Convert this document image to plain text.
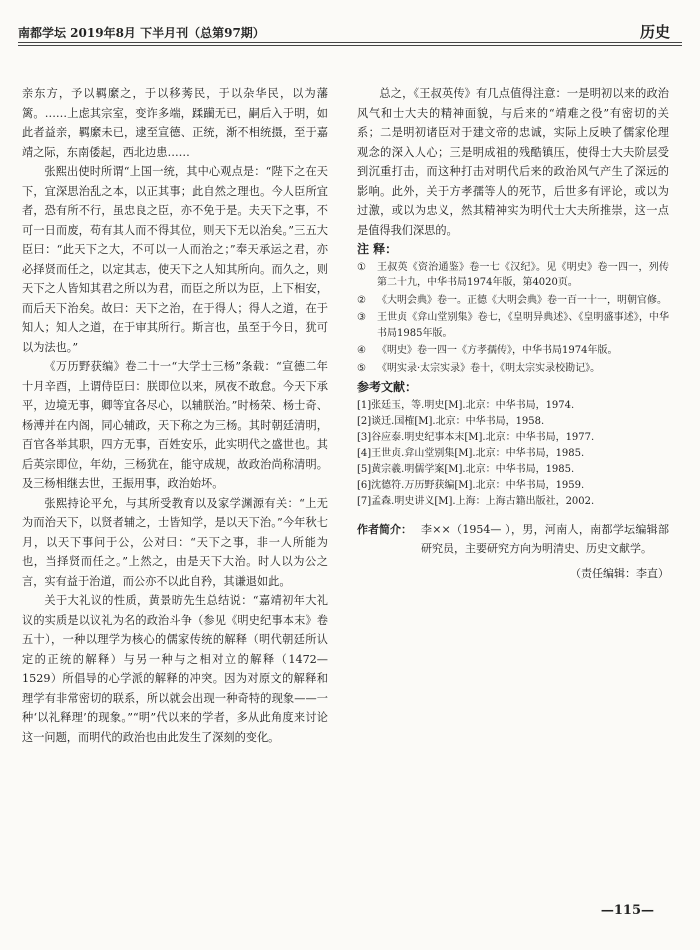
南都学坛 2019年8月 下半月刊（总第97期）	历史

亲东方，予以羁縻之，于以移莠民，于以杂华民，以为藩篱。……上虑其宗室，变诈多端，蹂躏无已，嗣后入于明，如此者益亲，羁縻未已，逮至宣德、正统，渐不相统摄，至于嘉靖之际，东南倭起，西北边患……

张熙出使时所谓“上国一统，其中心观点是：“陛下之在天下，宜深思治乱之本，以正其事；此自然之理也。今人臣所宜者，恐有所不行，虽忠良之臣，亦不免于是。夫天下之事，不可一日而废，苟有其人而不得其位，则天下无以治矣。”三五大臣曰：“此天下之大，不可以一人而治之；”奉天承运之君，亦必择贤而任之，以定其志，使天下之人知其所向。而久之，则天下之人皆知其君之所以为君，而臣之所以为臣，上下相安，而后天下治矣。故曰：天下之治，在于得人；得人之道，在于知人；知人之道，在于审其所行。斯言也，虽至于今日，犹可以为法也。”

《万历野获编》卷二十一“大学士三杨”条载：“宣德二年十月辛酉，上谓侍臣曰：朕即位以来，夙夜不敢怠。今天下承平，边境无事，卿等宜各尽心，以辅朕治。”时杨荣、杨士奇、杨溥并在内阁，同心辅政，天下称之为三杨。其时朝廷清明，百官各举其职，四方无事，百姓安乐，此实明代之盛世也。其后英宗即位，年幼，三杨犹在，能守成规，故政治尚称清明。及三杨相继去世，王振用事，政治始坏。

张熙持论平允，与其所受教育以及家学渊源有关：“上无为而治天下，以贤者辅之，士皆知学，是以天下治。”今年秋七月，以天下事问于公，公对曰：“天下之事，非一人所能为也，当择贤而任之。”上然之，由是天下大治。时人以为公之言，实有益于治道，而公亦不以此自矜，其谦退如此。

关于大礼议的性质，黄景昉先生总结说：“嘉靖初年大礼议的实质是以议礼为名的政治斗争（参见《明史纪事本末》卷五十），一种以理学为核心的儒家传统的解释（明代朝廷所认定的正统的解释）与另一种与之相对立的解释（1472—1529）所倡导的心学派的解释的冲突。因为对原文的解释和理学有非常密切的联系，所以就会出现一种奇特的现象——一种‘以礼释理’的现象。”“明”代以来的学者，多从此角度来讨论这一问题，而明代的政治也由此发生了深刻的变化。

总之，《王叔英传》有几点值得注意：一是明初以来的政治风气和士大夫的精神面貌，与后来的“靖难之役”有密切的关系；二是明初诸臣对于建文帝的忠诚，实际上反映了儒家伦理观念的深入人心；三是明成祖的残酷镇压，使得士大夫阶层受到沉重打击，而这种打击对明代后来的政治风气产生了深远的影响。此外，关于方孝孺等人的死节，后世多有评论，或以为过激，或以为忠义，然其精神实为明代士大夫所推崇，这一点是值得我们深思的。

注 释：

①	王叔英《资治通鉴》卷一七《汉纪》。见《明史》卷一四一，列传第二十九，中华书局1974年版，第4020页。
②	《大明会典》卷一。正德《大明会典》卷一百一十一，明朝官修。
③	王世贞《弇山堂别集》卷七，《皇明异典述》、《皇明盛事述》，中华书局1985年版。
④	《明史》卷一四一《方孝孺传》，中华书局1974年版。
⑤	《明实录·太宗实录》卷十，《明太宗实录校勘记》。

参考文献：

[1]张廷玉，等.明史[M].北京：中华书局，1974.
[2]谈迁.国榷[M].北京：中华书局，1958.
[3]谷应泰.明史纪事本末[M].北京：中华书局，1977.
[4]王世贞.弇山堂别集[M].北京：中华书局，1985.
[5]黄宗羲.明儒学案[M].北京：中华书局，1985.
[6]沈德符.万历野获编[M].北京：中华书局，1959.
[7]孟森.明史讲义[M].上海：上海古籍出版社，2002.
作者简介： 李××（1954— ），男，河南人，南都学坛编辑部研究员，主要研究方向为明清史、历史文献学。
（责任编辑：李直）
—115—
